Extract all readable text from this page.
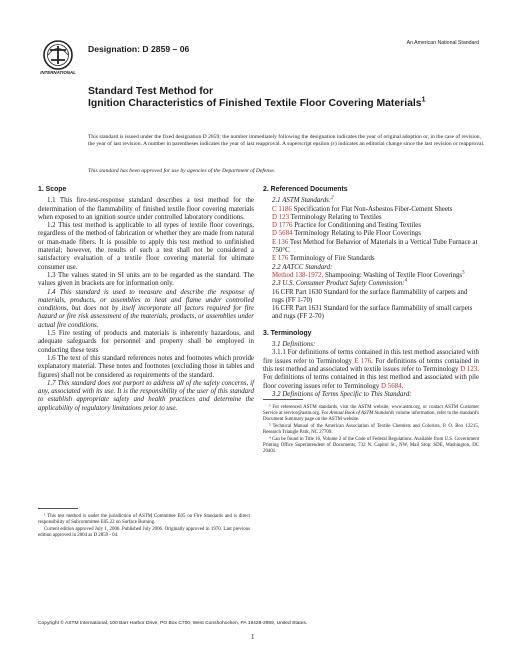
INTERNATIONAL
Designation: D 2859 – 06
An American National Standard
Standard Test Method for
Ignition Characteristics of Finished Textile Floor Covering Materials$^1$
This standard is issued under the fixed designation D 2859; the number immediately following the designation indicates the year of original adoption or, in the case of revision, the year of last revision. A number in parentheses indicates the year of last reapproval. A superscript epsilon (ε) indicates an editorial change since the last revision or reapproval.
This standard has been approved for use by agencies of the Department of Defense.
1. Scope

1.1 This fire-test-response standard describes a test method for the determination of the flammability of finished textile floor covering materials when exposed to an ignition source under controlled laboratory conditions.

1.2 This test method is applicable to all types of textile floor coverings, regardless of the method of fabrication or whether they are made from natural or man-made fibers. It is possible to apply this test method to unfinished material; however, the results of such a test shall not be considered a satisfactory evaluation of a textile floor covering material for ultimate consumer use.

1.3 The values stated in SI units are to be regarded as the standard. The values given in brackets are for information only.

1.4 This standard is used to measure and describe the response of materials, products, or assemblies to heat and flame under controlled conditions, but does not by itself incorporate all factors required for fire hazard or fire risk assessment of the materials, products, or assemblies under actual fire conditions.

1.5 Fire testing of products and materials is inherently hazardous, and adequate safeguards for personnel and property shall be employed in conducting these tests

1.6 The text of this standard references notes and footnotes which provide explanatory material. These notes and footnotes (excluding those in tables and figures) shall not be considered as requirements of the standard.

1.7 This standard does not purport to address all of the safety concerns, if any, associated with its use. It is the responsibility of the user of this standard to establish appropriate safety and health practices and determine the applicability of regulatory limitations prior to use.

¹ This test method is under the jurisdiction of ASTM Committee E05 on Fire Standards and is direct responsibility of Subcommittee E05.22 on Surface Burning.

Current edition approved July 1, 2006. Published July 2006. Originally approved in 1970. Last previous edition approved in 2004 as D 2859 - 04.

2. Referenced Documents

2.1 ASTM Standards:$^2$

C 1186 Specification for Flat Non-Asbestos Fiber-Cement Sheets
D 123 Terminology Relating to Textiles
D 1776 Practice for Conditioning and Testing Textiles
D 5684 Terminology Relating to Pile Floor Coverings
E 136 Test Method for Behavior of Materials in a Vertical Tube Furnace at 750°C
E 176 Terminology of Fire Standards

2.2 AATCC Standard:

Method 138-1972, Shampooing: Washing of Textile Floor Coverings$^3$

2.3 U.S. Consumer Product Safety Commission:$^4$

16 CFR Part 1630 Standard for the surface flammability of carpets and rugs (FF 1-70)
16 CFR Part 1631 Standard for the surface flammability of small carpets and rugs (FF 2-70)
3. Terminology

3.1 Definitions:

3.1.1 For definitions of terms contained in this test method associated with fire issues refer to Terminology E 176. For definitions of terms contained in this test method and associated with textile issues refer to Terminology D 123. For definitions of terms contained in this test method and associated with pile floor covering issues refer to Terminology D 5684.

3.2 Definitions of Terms Specific to This Standard:

² For referenced ASTM standards, visit the ASTM website, www.astm.org, or contact ASTM Customer Service at service@astm.org. For Annual Book of ASTM Standards volume information, refer to the standard's Document Summary page on the ASTM website.

³ Technical Manual of the American Association of Textile Chemists and Colorists, P. O. Box 12215, Research Triangle Park, NC 27709.

⁴ Can be found in Title 16, Volume 2 of the Code of Federal Regulations. Available from U.S. Government Printing Office Superintendent of Documents, 732 N. Capitol St., NW, Mail Stop: SDE, Washington, DC 20401.

Copyright © ASTM International, 100 Barr Harbor Drive, PO Box C700, West Conshohocken, PA 19428-2959, United States.
1
